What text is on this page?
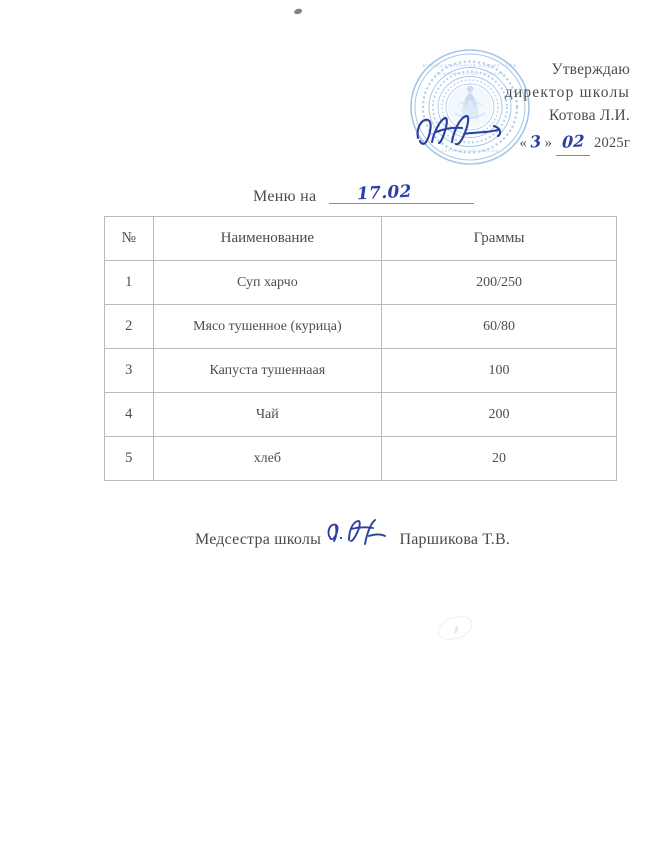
МУНИЦИПАЛЬНОЕ БЮДЖЕТНОЕ
ОБЩЕОБРАЗОВАТЕЛЬНОЕ
УЧРЕЖДЕНИЕ ШКОЛА
Утверждаю
директор школы
Котова Л.И.
« 3 » 02 2025г
Меню на 17.02
№	Наименование	Граммы
1	Суп харчо	200/250
2	Мясо тушенное (курица)	60/80
3	Капуста тушеннаая	100
4	Чай	200
5	хлеб	20
Медсестра школы	Паршикова Т.В.
